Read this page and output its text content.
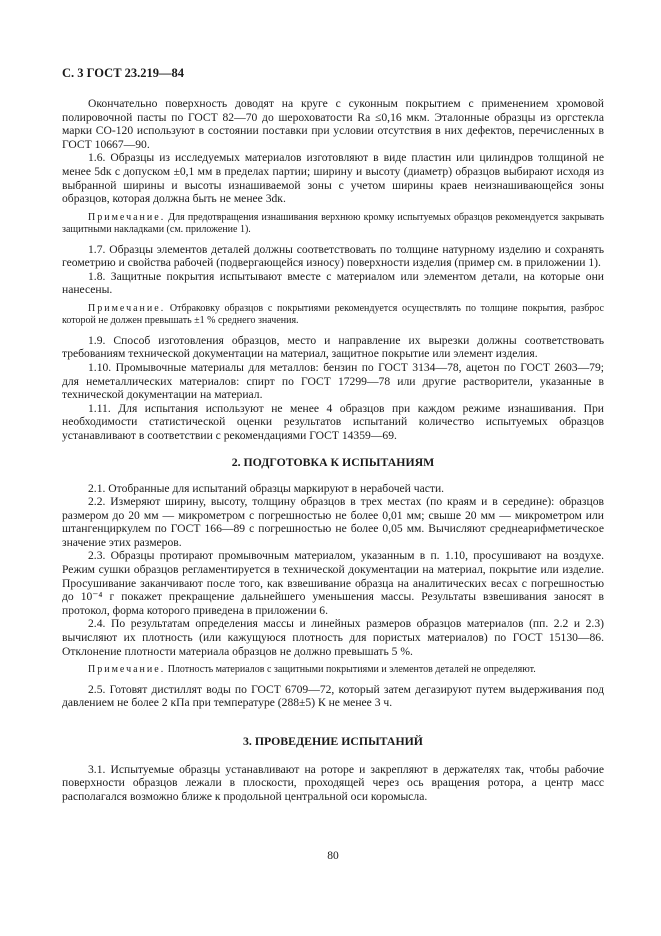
С. 3 ГОСТ 23.219—84

Окончательно поверхность доводят на круге с суконным покрытием с применением хромовой полировочной пасты по ГОСТ 82—70 до шероховатости Ra ≤0,16 мкм. Эталонные образцы из оргстекла марки СО-120 используют в состоянии поставки при условии отсутствия в них дефектов, перечисленных в ГОСТ 10667—90.

1.6. Образцы из исследуемых материалов изготовляют в виде пластин или цилиндров толщиной не менее 5dк с допуском ±0,1 мм в пределах партии; ширину и высоту (диаметр) образцов выбирают исходя из выбранной ширины и высоты изнашиваемой зоны с учетом ширины краев неизнашивающейся зоны образцов, которая должна быть не менее 3dк.

Примечание. Для предотвращения изнашивания верхнюю кромку испытуемых образцов рекомендуется закрывать защитными накладками (см. приложение 1).

1.7. Образцы элементов деталей должны соответствовать по толщине натурному изделию и сохранять геометрию и свойства рабочей (подвергающейся износу) поверхности изделия (пример см. в приложении 1).

1.8. Защитные покрытия испытывают вместе с материалом или элементом детали, на которые они нанесены.

Примечание. Отбраковку образцов с покрытиями рекомендуется осуществлять по толщине покрытия, разброс которой не должен превышать ±1 % среднего значения.

1.9. Способ изготовления образцов, место и направление их вырезки должны соответствовать требованиям технической документации на материал, защитное покрытие или элемент изделия.

1.10. Промывочные материалы для металлов: бензин по ГОСТ 3134—78, ацетон по ГОСТ 2603—79; для неметаллических материалов: спирт по ГОСТ 17299—78 или другие растворители, указанные в технической документации на материал.

1.11. Для испытания используют не менее 4 образцов при каждом режиме изнашивания. При необходимости статистической оценки результатов испытаний количество испытуемых образцов устанавливают в соответствии с рекомендациями ГОСТ 14359—69.

2. ПОДГОТОВКА К ИСПЫТАНИЯМ

2.1. Отобранные для испытаний образцы маркируют в нерабочей части.

2.2. Измеряют ширину, высоту, толщину образцов в трех местах (по краям и в середине): образцов размером до 20 мм — микрометром с погрешностью не более 0,01 мм; свыше 20 мм — микрометром или штангенциркулем по ГОСТ 166—89 с погрешностью не более 0,05 мм. Вычисляют среднеарифметическое значение этих размеров.

2.3. Образцы протирают промывочным материалом, указанным в п. 1.10, просушивают на воздухе. Режим сушки образцов регламентируется в технической документации на материал, покрытие или изделие. Просушивание заканчивают после того, как взвешивание образца на аналитических весах с погрешностью до 10⁻⁴ г покажет прекращение дальнейшего уменьшения массы. Результаты взвешивания заносят в протокол, форма которого приведена в приложении 6.

2.4. По результатам определения массы и линейных размеров образцов материалов (пп. 2.2 и 2.3) вычисляют их плотность (или кажущуюся плотность для пористых материалов) по ГОСТ 15130—86. Отклонение плотности материала образцов не должно превышать 5 %.

Примечание. Плотность материалов с защитными покрытиями и элементов деталей не определяют.

2.5. Готовят дистиллят воды по ГОСТ 6709—72, который затем дегазируют путем выдерживания под давлением не более 2 кПа при температуре (288±5) К не менее 3 ч.

3. ПРОВЕДЕНИЕ ИСПЫТАНИЙ

3.1. Испытуемые образцы устанавливают на роторе и закрепляют в держателях так, чтобы рабочие поверхности образцов лежали в плоскости, проходящей через ось вращения ротора, а центр масс располагался возможно ближе к продольной центральной оси коромысла.

80
